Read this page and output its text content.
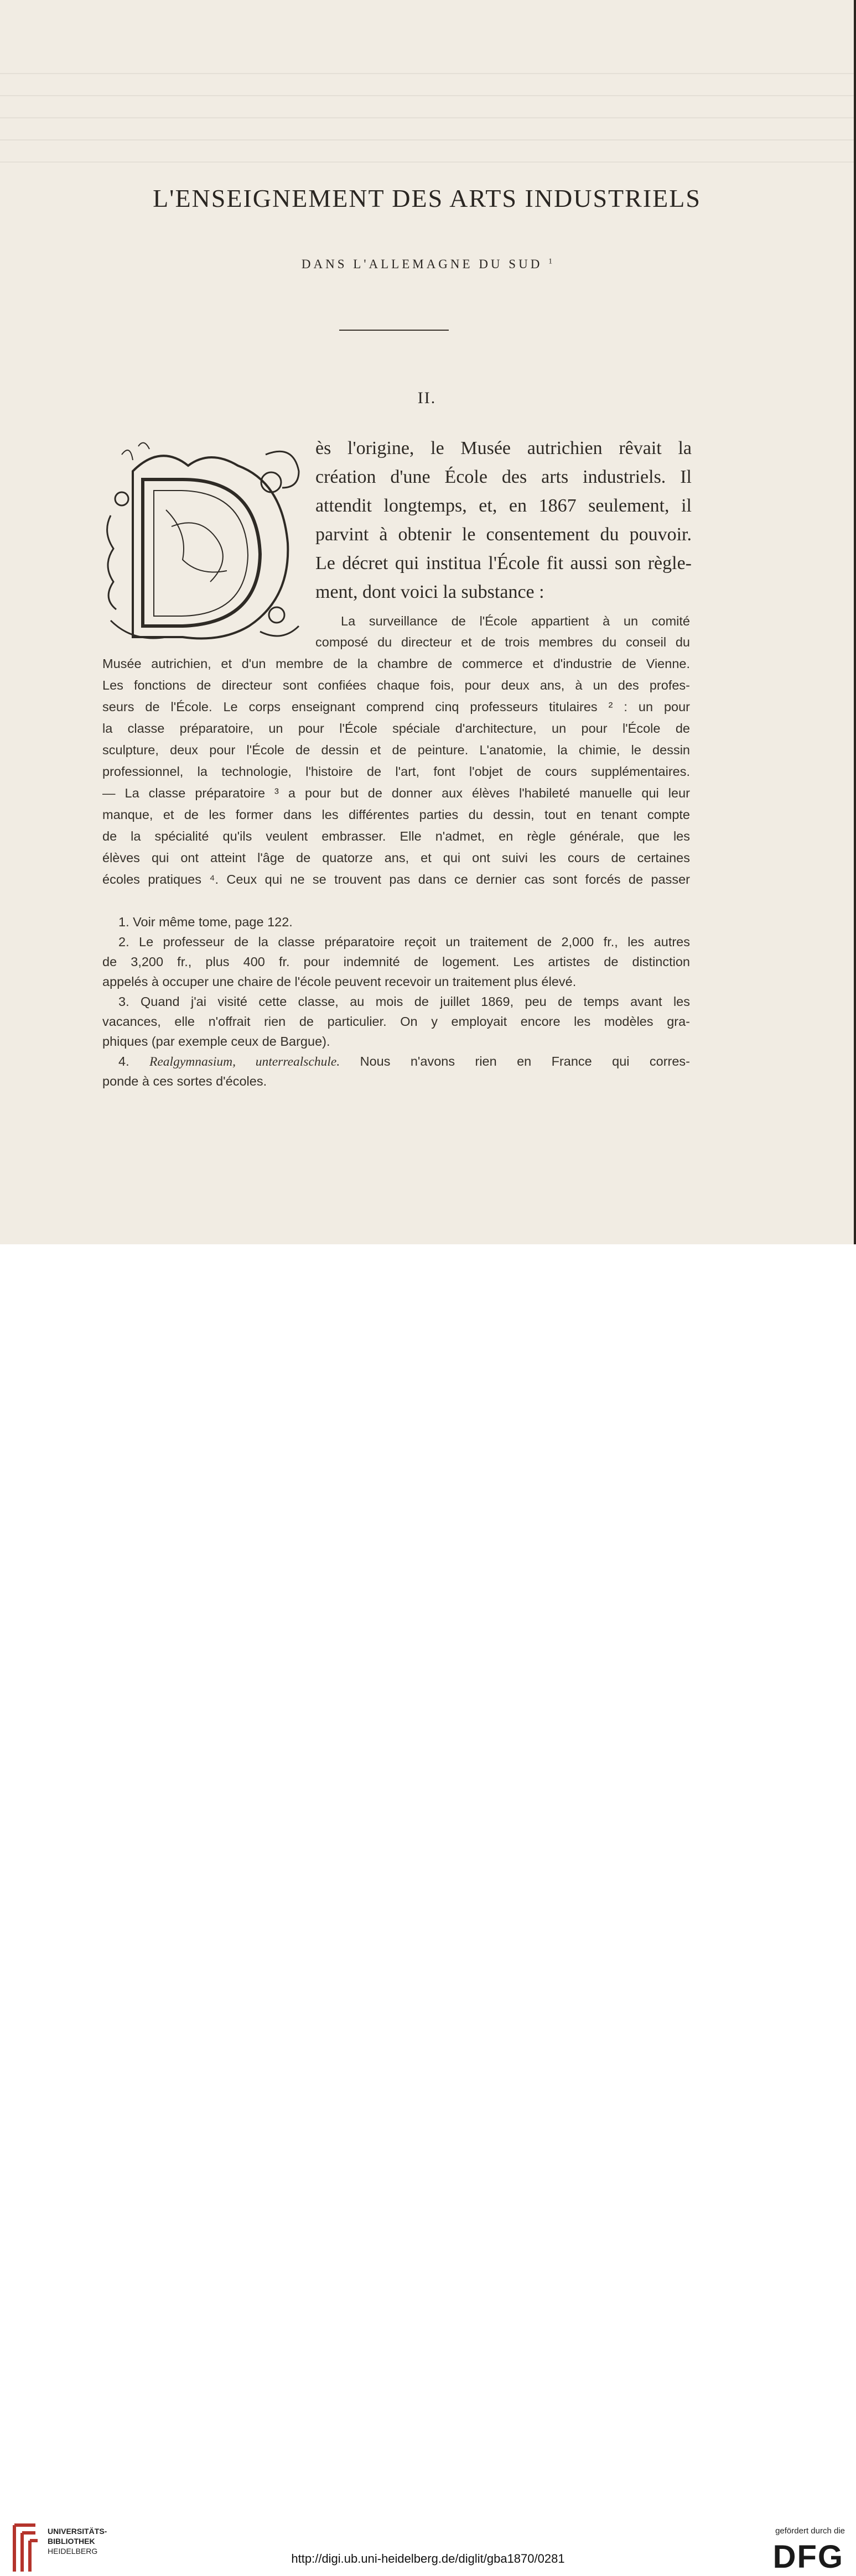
L'ENSEIGNEMENT DES ARTS INDUSTRIELS
DANS L'ALLEMAGNE DU SUD $^1$
II.
ès l'origine, le Musée autrichien rêvait la
création d'une École des arts industriels. Il
attendit longtemps, et, en 1867 seulement, il
parvint à obtenir le consentement du pouvoir.
Le décret qui institua l'École fit aussi son règle-
ment, dont voici la substance :
La surveillance de l'École appartient à un comité
composé du directeur et de trois membres du conseil du
Musée autrichien, et d'un membre de la chambre de commerce et d'industrie de Vienne.
Les fonctions de directeur sont confiées chaque fois, pour deux ans, à un des profes-
seurs de l'École. Le corps enseignant comprend cinq professeurs titulaires ² : un pour
la classe préparatoire, un pour l'École spéciale d'architecture, un pour l'École de
sculpture, deux pour l'École de dessin et de peinture. L'anatomie, la chimie, le dessin
professionnel, la technologie, l'histoire de l'art, font l'objet de cours supplémentaires.
— La classe préparatoire ³ a pour but de donner aux élèves l'habileté manuelle qui leur
manque, et de les former dans les différentes parties du dessin, tout en tenant compte
de la spécialité qu'ils veulent embrasser. Elle n'admet, en règle générale, que les
élèves qui ont atteint l'âge de quatorze ans, et qui ont suivi les cours de certaines
écoles pratiques ⁴. Ceux qui ne se trouvent pas dans ce dernier cas sont forcés de passer
1. Voir même tome, page 122.
2. Le professeur de la classe préparatoire reçoit un traitement de 2,000 fr., les autres
de 3,200 fr., plus 400 fr. pour indemnité de logement. Les artistes de distinction
appelés à occuper une chaire de l'école peuvent recevoir un traitement plus élevé.
3. Quand j'ai visité cette classe, au mois de juillet 1869, peu de temps avant les
vacances, elle n'offrait rien de particulier. On y employait encore les modèles gra-
phiques (par exemple ceux de Bargue).
4. Realgymnasium, unterrealschule. Nous n'avons rien en France qui corres-
ponde à ces sortes d'écoles.
UNIVERSITÄTS-
BIBLIOTHEK
HEIDELBERG
http://digi.ub.uni-heidelberg.de/diglit/gba1870/0281
gefördert durch die
DFG
